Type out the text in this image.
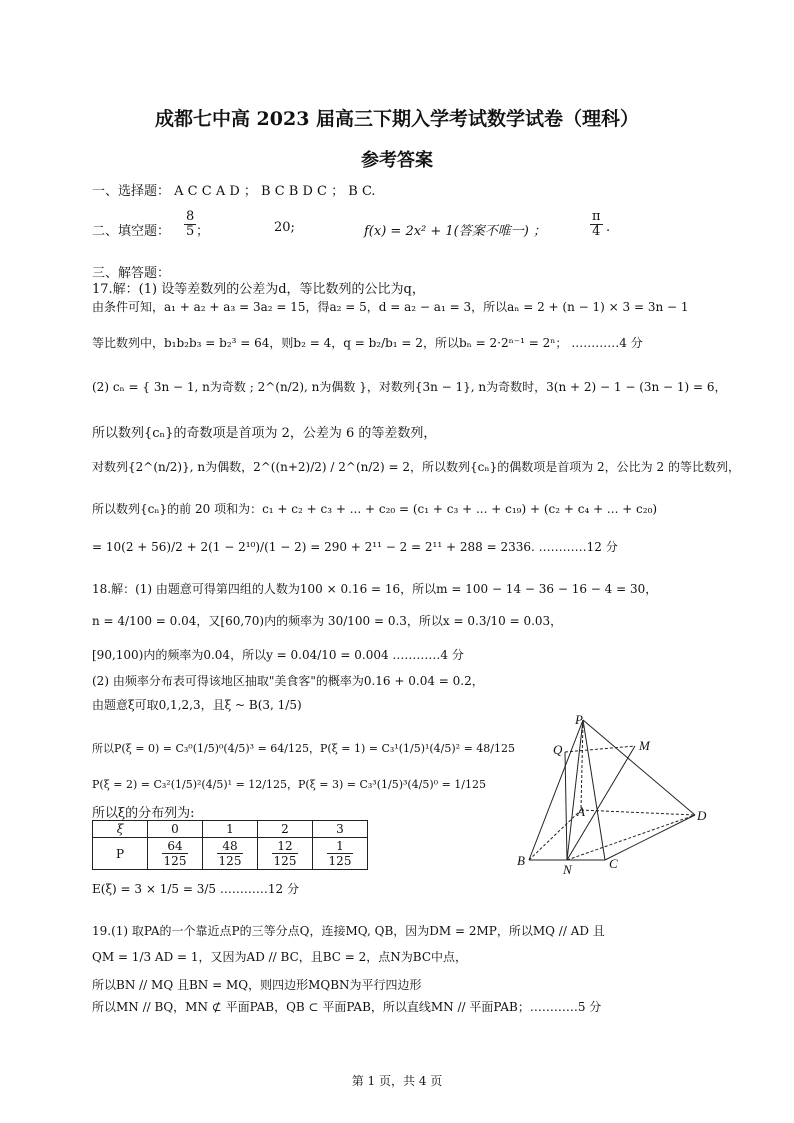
成都七中高 2023 届高三下期入学考试数学试卷（理科）
参考答案
一、选择题： A C C A D ； B C B D C ； B C.
二、填空题： $\frac{8}{5}$ ；	20;	f(x) = 2x² + 1(答案不唯一) ；	$\frac{\pi}{4}$ .
三、解答题：
17.解：(1) 设等差数列的公差为d，等比数列的公比为q，
由条件可知，a₁ + a₂ + a₃ = 3a₂ = 15，得a₂ = 5，d = a₂ − a₁ = 3，所以aₙ = 2 + (n − 1) × 3 = 3n − 1
等比数列中，b₁b₂b₃ = b₂³ = 64，则b₂ = 4，q = b₂/b₁ = 2，所以bₙ = 2·2ⁿ⁻¹ = 2ⁿ； …………4 分
(2) cₙ = { 3n − 1, n为奇数 ; 2^(n/2), n为偶数 }，对数列{3n − 1}, n为奇数时，3(n + 2) − 1 − (3n − 1) = 6，
所以数列{cₙ}的奇数项是首项为 2，公差为 6 的等差数列，
对数列{2^(n/2)}, n为偶数，2^((n+2)/2) / 2^(n/2) = 2，所以数列{cₙ}的偶数项是首项为 2，公比为 2 的等比数列，
所以数列{cₙ}的前 20 项和为：c₁ + c₂ + c₃ + ... + c₂₀ = (c₁ + c₃ + ... + c₁₉) + (c₂ + c₄ + ... + c₂₀)
= 10(2 + 56)/2 + 2(1 − 2¹⁰)/(1 − 2) = 290 + 2¹¹ − 2 = 2¹¹ + 288 = 2336. …………12 分
18.解：(1) 由题意可得第四组的人数为100 × 0.16 = 16，所以m = 100 − 14 − 36 − 16 − 4 = 30，
n = 4/100 = 0.04，又[60,70)内的频率为 30/100 = 0.3，所以x = 0.3/10 = 0.03，
[90,100)内的频率为0.04，所以y = 0.04/10 = 0.004 …………4 分
(2) 由频率分布表可得该地区抽取"美食客"的概率为0.16 + 0.04 = 0.2，
由题意ξ可取0,1,2,3，且ξ ~ B(3, 1/5)
所以P(ξ = 0) = C₃⁰(1/5)⁰(4/5)³ = 64/125，P(ξ = 1) = C₃¹(1/5)¹(4/5)² = 48/125
P(ξ = 2) = C₃²(1/5)²(4/5)¹ = 12/125，P(ξ = 3) = C₃³(1/5)³(4/5)⁰ = 1/125
所以ξ的分布列为:
ξ	0	1	2	3
P	$\frac{64}{125}$	$\frac{48}{125}$	$\frac{12}{125}$	$\frac{1}{125}$
E(ξ) = 3 × 1/5 = 3/5 …………12 分
P
Q	M
A	D
B
N	C
19.(1) 取PA的一个靠近点P的三等分点Q，连接MQ, QB，因为DM = 2MP，所以MQ // AD 且
QM = 1/3 AD = 1，又因为AD // BC，且BC = 2，点N为BC中点，
所以BN // MQ 且BN = MQ，则四边形MQBN为平行四边形
所以MN // BQ，MN ⊄ 平面PAB，QB ⊂ 平面PAB，所以直线MN // 平面PAB；…………5 分
第 1 页，共 4 页
